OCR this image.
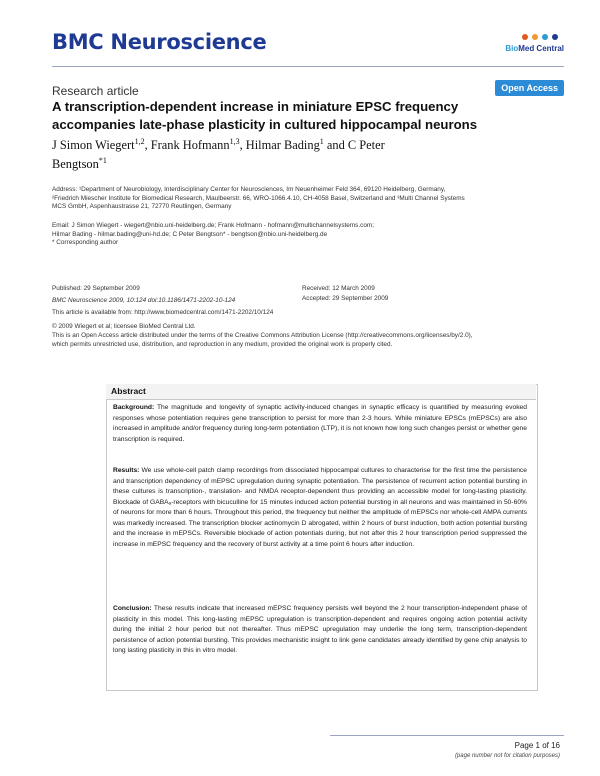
BMC Neuroscience	BioMed Central
Research article	Open Access
A transcription-dependent increase in miniature EPSC frequency
accompanies late-phase plasticity in cultured hippocampal neurons
J Simon Wiegert$^{1,2}$, Frank Hofmann$^{1,3}$, Hilmar Bading$^1$ and C Peter Bengtson$^{*1}$
Address: ¹Department of Neurobiology, Interdisciplinary Center for Neurosciences, Im Neuenheimer Feld 364, 69120 Heidelberg, Germany,
²Friedrich Miescher Institute for Biomedical Research, Maulbeerstr. 66, WRO-1066.4.10, CH-4058 Basel, Switzerland and ³Multi Channel Systems
MCS GmbH, Aspenhaustrasse 21, 72770 Reutlingen, Germany
Email: J Simon Wiegert - wiegert@nbio.uni-heidelberg.de; Frank Hofmann - hofmann@multichannelsystems.com;
Hilmar Bading - hilmar.bading@uni-hd.de; C Peter Bengtson* - bengtson@nbio.uni-heidelberg.de
* Corresponding author
Published: 29 September 2009	Received: 12 March 2009
Accepted: 29 September 2009
BMC Neuroscience 2009, 10:124 doi:10.1186/1471-2202-10-124
This article is available from: http://www.biomedcentral.com/1471-2202/10/124
© 2009 Wiegert et al; licensee BioMed Central Ltd.
This is an Open Access article distributed under the terms of the Creative Commons Attribution License (http://creativecommons.org/licenses/by/2.0),
which permits unrestricted use, distribution, and reproduction in any medium, provided the original work is properly cited.
Abstract
Background: The magnitude and longevity of synaptic activity-induced changes in synaptic efficacy is quantified by measuring evoked responses whose potentiation requires gene transcription to persist for more than 2-3 hours. While miniature EPSCs (mEPSCs) are also increased in amplitude and/or frequency during long-term potentiation (LTP), it is not known how long such changes persist or whether gene transcription is required.
Results: We use whole-cell patch clamp recordings from dissociated hippocampal cultures to characterise for the first time the persistence and transcription dependency of mEPSC upregulation during synaptic potentiation. The persistence of recurrent action potential bursting in these cultures is transcription-, translation- and NMDA receptor-dependent thus providing an accessible model for long-lasting plasticity. Blockade of GABAₐ-receptors with bicuculline for 15 minutes induced action potential bursting in all neurons and was maintained in 50-60% of neurons for more than 6 hours. Throughout this period, the frequency but neither the amplitude of mEPSCs nor whole-cell AMPA currents was markedly increased. The transcription blocker actinomycin D abrogated, within 2 hours of burst induction, both action potential bursting and the increase in mEPSCs. Reversible blockade of action potentials during, but not after this 2 hour transcription period suppressed the increase in mEPSC frequency and the recovery of burst activity at a time point 6 hours after induction.
Conclusion: These results indicate that increased mEPSC frequency persists well beyond the 2 hour transcription-independent phase of plasticity in this model. This long-lasting mEPSC upregulation is transcription-dependent and requires ongoing action potential activity during the initial 2 hour period but not thereafter. Thus mEPSC upregulation may underlie the long term, transcription-dependent persistence of action potential bursting. This provides mechanistic insight to link gene candidates already identified by gene chip analysis to long lasting plasticity in this in vitro model.
Page 1 of 16
(page number not for citation purposes)
